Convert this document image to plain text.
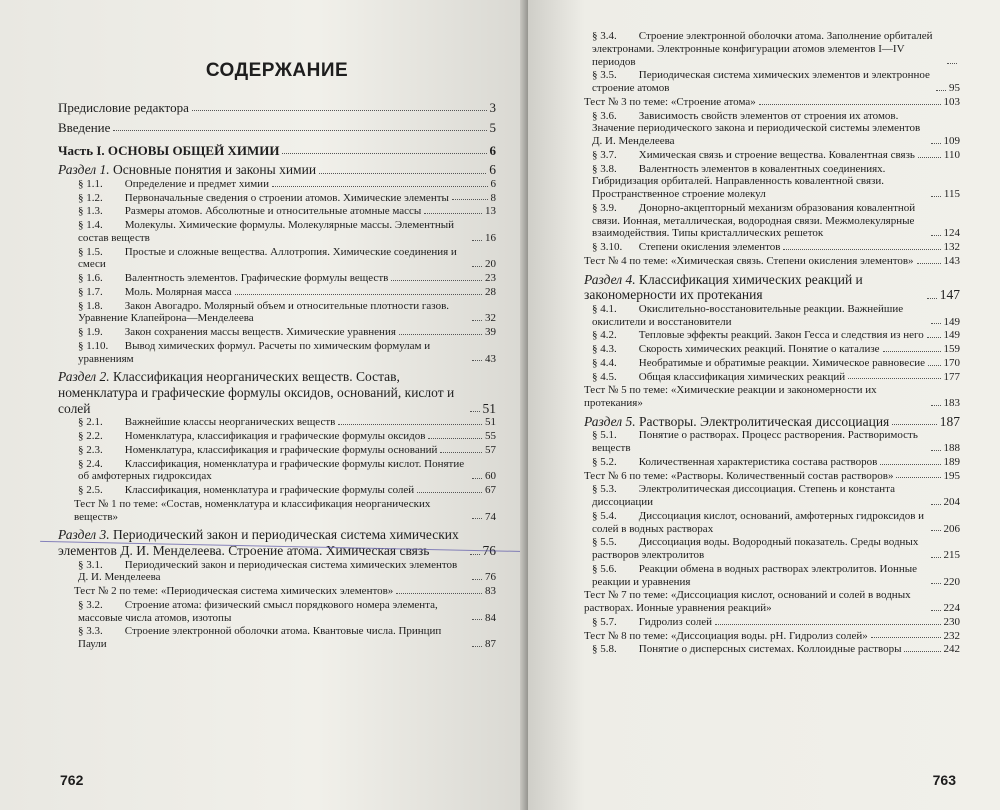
СОДЕРЖАНИЕ
Предисловие редактора	3
Введение	5
Часть I. ОСНОВЫ ОБЩЕЙ ХИМИИ	6
Раздел 1. Основные понятия и законы химии	6
§ 1.1. Определение и предмет химии	6
§ 1.2. Первоначальные сведения о строении атомов. Химические элементы	8
§ 1.3. Размеры атомов. Абсолютные и относительные атомные массы	13
§ 1.4. Молекулы. Химические формулы. Молекулярные массы. Элементный состав веществ	16
§ 1.5. Простые и сложные вещества. Аллотропия. Химические соединения и смеси	20
§ 1.6. Валентность элементов. Графические формулы веществ	23
§ 1.7. Моль. Молярная масса	28
§ 1.8. Закон Авогадро. Молярный объем и относительные плотности газов. Уравнение Клапейрона—Менделеева	32
§ 1.9. Закон сохранения массы веществ. Химические уравнения	39
§ 1.10. Вывод химических формул. Расчеты по химическим формулам и уравнениям	43
Раздел 2. Классификация неорганических веществ. Состав, номенклатура и графические формулы оксидов, оснований, кислот и солей	51
§ 2.1. Важнейшие классы неорганических веществ	51
§ 2.2. Номенклатура, классификация и графические формулы оксидов	55
§ 2.3. Номенклатура, классификация и графические формулы оснований	57
§ 2.4. Классификация, номенклатура и графические формулы кислот. Понятие об амфотерных гидроксидах	60
§ 2.5. Классификация, номенклатура и графические формулы солей	67
Тест № 1 по теме: «Состав, номенклатура и классификация неорганических веществ»	74
Раздел 3. Периодический закон и периодическая система химических элементов Д. И. Менделеева. Строение атома. Химическая связь	76
§ 3.1. Периодический закон и периодическая система химических элементов Д. И. Менделеева	76
Тест № 2 по теме: «Периодическая система химических элементов»	83
§ 3.2. Строение атома: физический смысл порядкового номера элемента, массовые числа атомов, изотопы	84
§ 3.3. Строение электронной оболочки атома. Квантовые числа. Принцип Паули	87
762
§ 3.4. Строение электронной оболочки атома. Заполнение орбиталей электронами. Электронные конфигурации атомов элементов I—IV периодов
§ 3.5. Периодическая система химических элементов и электронное строение атомов	95
Тест № 3 по теме: «Строение атома»	103
§ 3.6. Зависимость свойств элементов от строения их атомов. Значение периодического закона и периодической системы элементов Д. И. Менделеева	109
§ 3.7. Химическая связь и строение вещества. Ковалентная связь	110
§ 3.8. Валентность элементов в ковалентных соединениях. Гибридизация орбиталей. Направленность ковалентной связи. Пространственное строение молекул	115
§ 3.9. Донорно-акцепторный механизм образования ковалентной связи. Ионная, металлическая, водородная связи. Межмолекулярные взаимодействия. Типы кристаллических решеток	124
§ 3.10. Степени окисления элементов	132
Тест № 4 по теме: «Химическая связь. Степени окисления элементов»	143
Раздел 4. Классификация химических реакций и закономерности их протекания	147
§ 4.1. Окислительно-восстановительные реакции. Важнейшие окислители и восстановители	149
§ 4.2. Тепловые эффекты реакций. Закон Гесса и следствия из него 149
§ 4.3. Скорость химических реакций. Понятие о катализе	159
§ 4.4. Необратимые и обратимые реакции. Химическое равновесие 170
§ 4.5. Общая классификация химических реакций	177
Тест № 5 по теме: «Химические реакции и закономерности их протекания»	183
Раздел 5. Растворы. Электролитическая диссоциация	187
§ 5.1. Понятие о растворах. Процесс растворения. Растворимость веществ	188
§ 5.2. Количественная характеристика состава растворов	189
Тест № 6 по теме: «Растворы. Количественный состав растворов»	195
§ 5.3. Электролитическая диссоциация. Степень и константа диссоциации	204
§ 5.4. Диссоциация кислот, оснований, амфотерных гидроксидов и солей в водных растворах	206
§ 5.5. Диссоциация воды. Водородный показатель. Среды водных растворов электролитов	215
§ 5.6. Реакции обмена в водных растворах электролитов. Ионные реакции и уравнения	220
Тест № 7 по теме: «Диссоциация кислот, оснований и солей в водных растворах. Ионные уравнения реакций»	224
§ 5.7. Гидролиз солей	230
Тест № 8 по теме: «Диссоциация воды. рН. Гидролиз солей»	232
§ 5.8. Понятие о дисперсных системах. Коллоидные растворы	242
763
